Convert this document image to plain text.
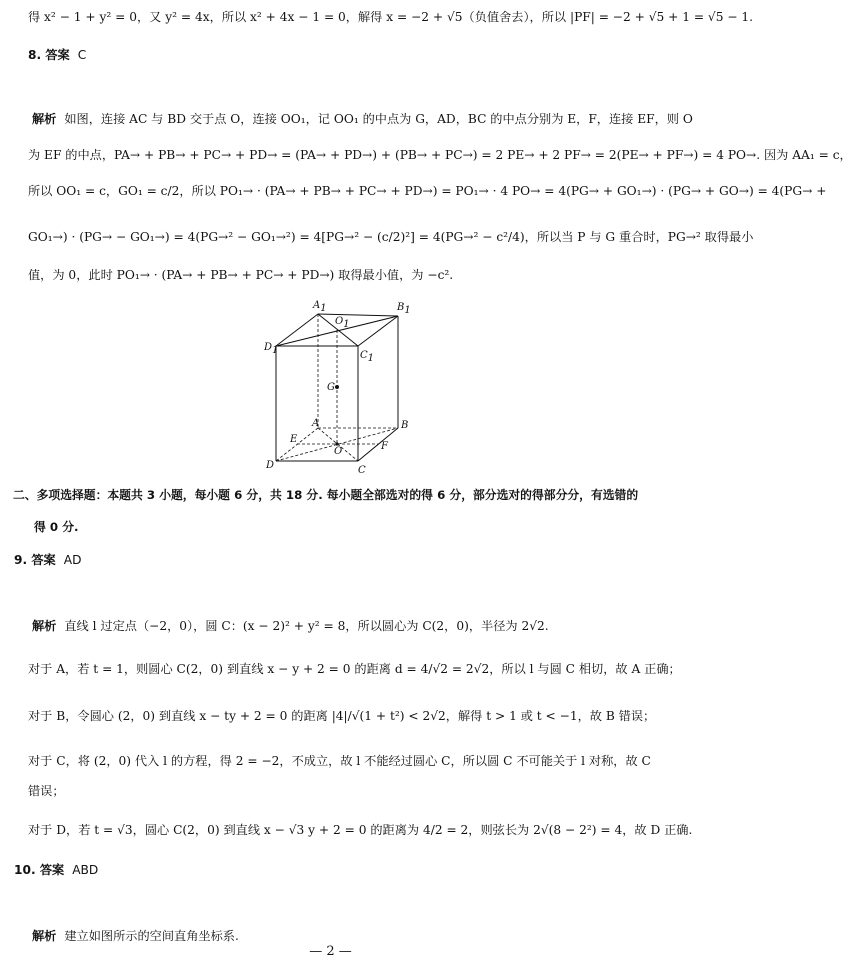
得 x² − 1 + y² = 0，又 y² = 4x，所以 x² + 4x − 1 = 0，解得 x = −2 + √5（负值舍去），所以 |PF| = −2 + √5 + 1 = √5 − 1.
8. 答案 C
解析 如图，连接 AC 与 BD 交于点 O，连接 OO₁，记 OO₁ 的中点为 G，AD，BC 的中点分别为 E，F，连接 EF，则 O
为 EF 的中点，PA→ + PB→ + PC→ + PD→ = (PA→ + PD→) + (PB→ + PC→) = 2 PE→ + 2 PF→ = 2(PE→ + PF→) = 4 PO→. 因为 AA₁ = c，
所以 OO₁ = c，GO₁ = c/2，所以 PO₁→ · (PA→ + PB→ + PC→ + PD→) = PO₁→ · 4 PO→ = 4(PG→ + GO₁→) · (PG→ + GO→) = 4(PG→ +
GO₁→) · (PG→ − GO₁→) = 4(PG→² − GO₁→²) = 4[PG→² − (c/2)²] = 4(PG→² − c²/4)，所以当 P 与 G 重合时，PG→² 取得最小
值，为 0，此时 PO₁→ · (PA→ + PB→ + PC→ + PD→) 取得最小值，为 −c².
A1	B1
C1
D1
O1
G
A	B
C
D
O
E
F
二、多项选择题：本题共 3 小题，每小题 6 分，共 18 分. 每小题全部选对的得 6 分，部分选对的得部分分，有选错的
得 0 分.
9. 答案 AD
解析 直线 l 过定点（−2，0），圆 C：(x − 2)² + y² = 8，所以圆心为 C(2，0)，半径为 2√2.
对于 A，若 t = 1，则圆心 C(2，0) 到直线 x − y + 2 = 0 的距离 d = 4/√2 = 2√2，所以 l 与圆 C 相切，故 A 正确；
对于 B，令圆心 (2，0) 到直线 x − ty + 2 = 0 的距离 |4|/√(1 + t²) < 2√2，解得 t > 1 或 t < −1，故 B 错误；
对于 C，将 (2，0) 代入 l 的方程，得 2 = −2，不成立，故 l 不能经过圆心 C，所以圆 C 不可能关于 l 对称，故 C
错误；
对于 D，若 t = √3，圆心 C(2，0) 到直线 x − √3 y + 2 = 0 的距离为 4/2 = 2，则弦长为 2√(8 − 2²) = 4，故 D 正确.
10. 答案 ABD
解析 建立如图所示的空间直角坐标系.
— 2 —
